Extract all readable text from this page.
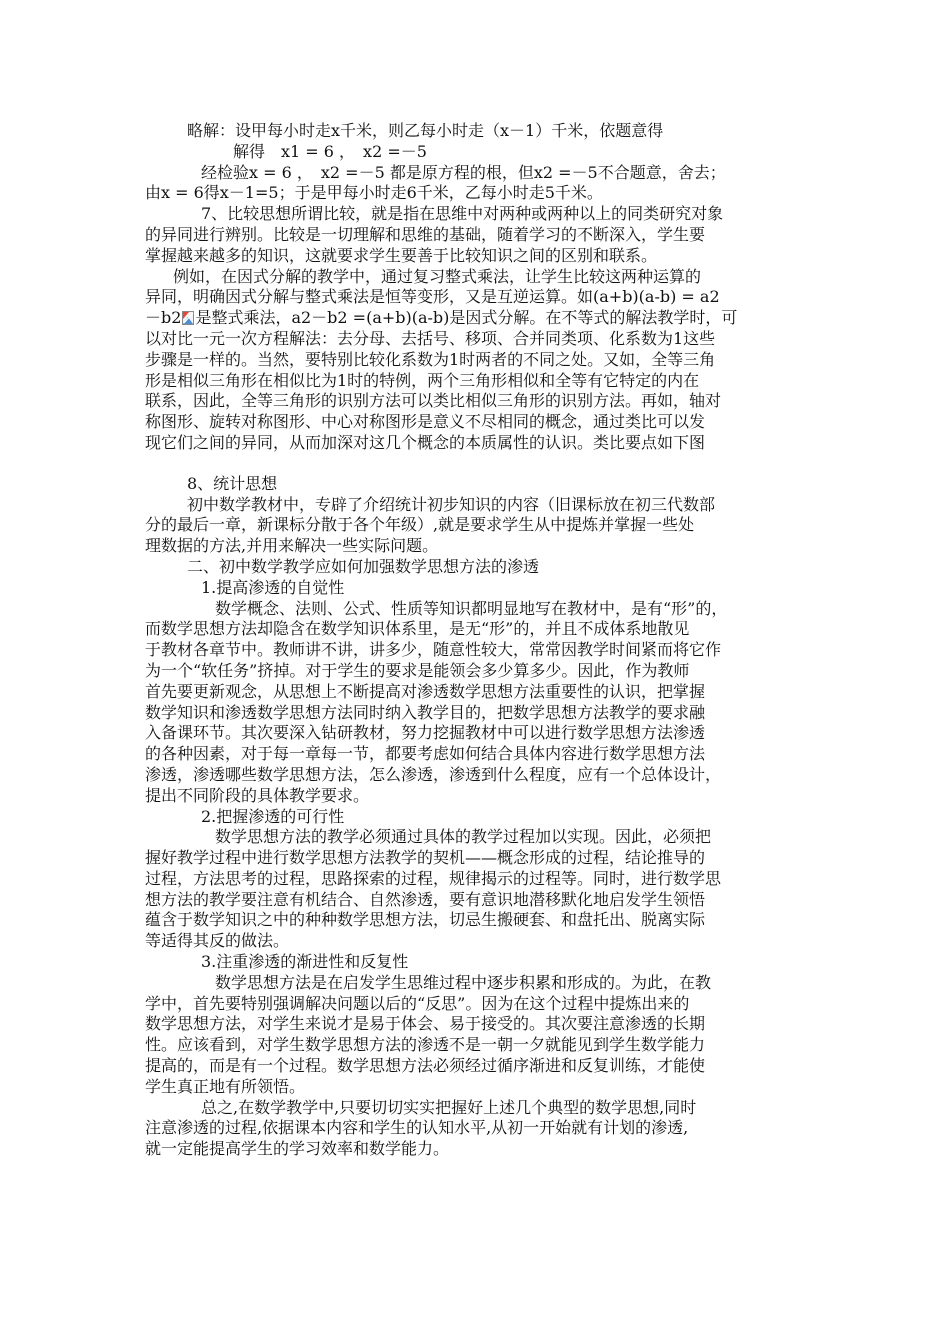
略解：设甲每小时走x千米，则乙每小时走（x－1）千米，依题意得
解得　x1 = 6 ，　x2 =－5
经检验x = 6 ，　x2 =－5 都是原方程的根，但x2 =－5不合题意，舍去；
由x = 6得x－1=5；于是甲每小时走6千米，乙每小时走5千米。
7、比较思想所谓比较，就是指在思维中对两种或两种以上的同类研究对象
的异同进行辨别。比较是一切理解和思维的基础，随着学习的不断深入，学生要
掌握越来越多的知识，这就要求学生要善于比较知识之间的区别和联系。
例如，在因式分解的教学中，通过复习整式乘法，让学生比较这两种运算的
异同，明确因式分解与整式乘法是恒等变形，又是互逆运算。如(a+b)(a-b) = a2
－b2 是整式乘法，a2－b2 =(a+b)(a-b)是因式分解。在不等式的解法教学时，可
以对比一元一次方程解法：去分母、去括号、移项、合并同类项、化系数为1这些
步骤是一样的。当然，要特别比较化系数为1时两者的不同之处。又如，全等三角
形是相似三角形在相似比为1时的特例，两个三角形相似和全等有它特定的内在
联系，因此，全等三角形的识别方法可以类比相似三角形的识别方法。再如，轴对
称图形、旋转对称图形、中心对称图形是意义不尽相同的概念，通过类比可以发
现它们之间的异同，从而加深对这几个概念的本质属性的认识。类比要点如下图
8、统计思想
初中数学教材中，专辟了介绍统计初步知识的内容（旧课标放在初三代数部
分的最后一章，新课标分散于各个年级）,就是要求学生从中提炼并掌握一些处
理数据的方法,并用来解决一些实际问题。
二、初中数学教学应如何加强数学思想方法的渗透
1.提高渗透的自觉性
数学概念、法则、公式、性质等知识都明显地写在教材中，是有“形”的，
而数学思想方法却隐含在数学知识体系里，是无“形”的，并且不成体系地散见
于教材各章节中。教师讲不讲，讲多少，随意性较大，常常因教学时间紧而将它作
为一个“软任务”挤掉。对于学生的要求是能领会多少算多少。因此，作为教师
首先要更新观念，从思想上不断提高对渗透数学思想方法重要性的认识，把掌握
数学知识和渗透数学思想方法同时纳入教学目的，把数学思想方法教学的要求融
入备课环节。其次要深入钻研教材，努力挖掘教材中可以进行数学思想方法渗透
的各种因素，对于每一章每一节，都要考虑如何结合具体内容进行数学思想方法
渗透，渗透哪些数学思想方法，怎么渗透，渗透到什么程度，应有一个总体设计，
提出不同阶段的具体教学要求。
2.把握渗透的可行性
数学思想方法的教学必须通过具体的教学过程加以实现。因此，必须把
握好教学过程中进行数学思想方法教学的契机——概念形成的过程，结论推导的
过程，方法思考的过程，思路探索的过程，规律揭示的过程等。同时，进行数学思
想方法的教学要注意有机结合、自然渗透，要有意识地潜移默化地启发学生领悟
蕴含于数学知识之中的种种数学思想方法，切忌生搬硬套、和盘托出、脱离实际
等适得其反的做法。
3.注重渗透的渐进性和反复性
数学思想方法是在启发学生思维过程中逐步积累和形成的。为此，在教
学中，首先要特别强调解决问题以后的“反思”。因为在这个过程中提炼出来的
数学思想方法，对学生来说才是易于体会、易于接受的。其次要注意渗透的长期
性。应该看到，对学生数学思想方法的渗透不是一朝一夕就能见到学生数学能力
提高的，而是有一个过程。数学思想方法必须经过循序渐进和反复训练，才能使
学生真正地有所领悟。
总之,在数学教学中,只要切切实实把握好上述几个典型的数学思想,同时
注意渗透的过程,依据课本内容和学生的认知水平,从初一开始就有计划的渗透,
就一定能提高学生的学习效率和数学能力。
